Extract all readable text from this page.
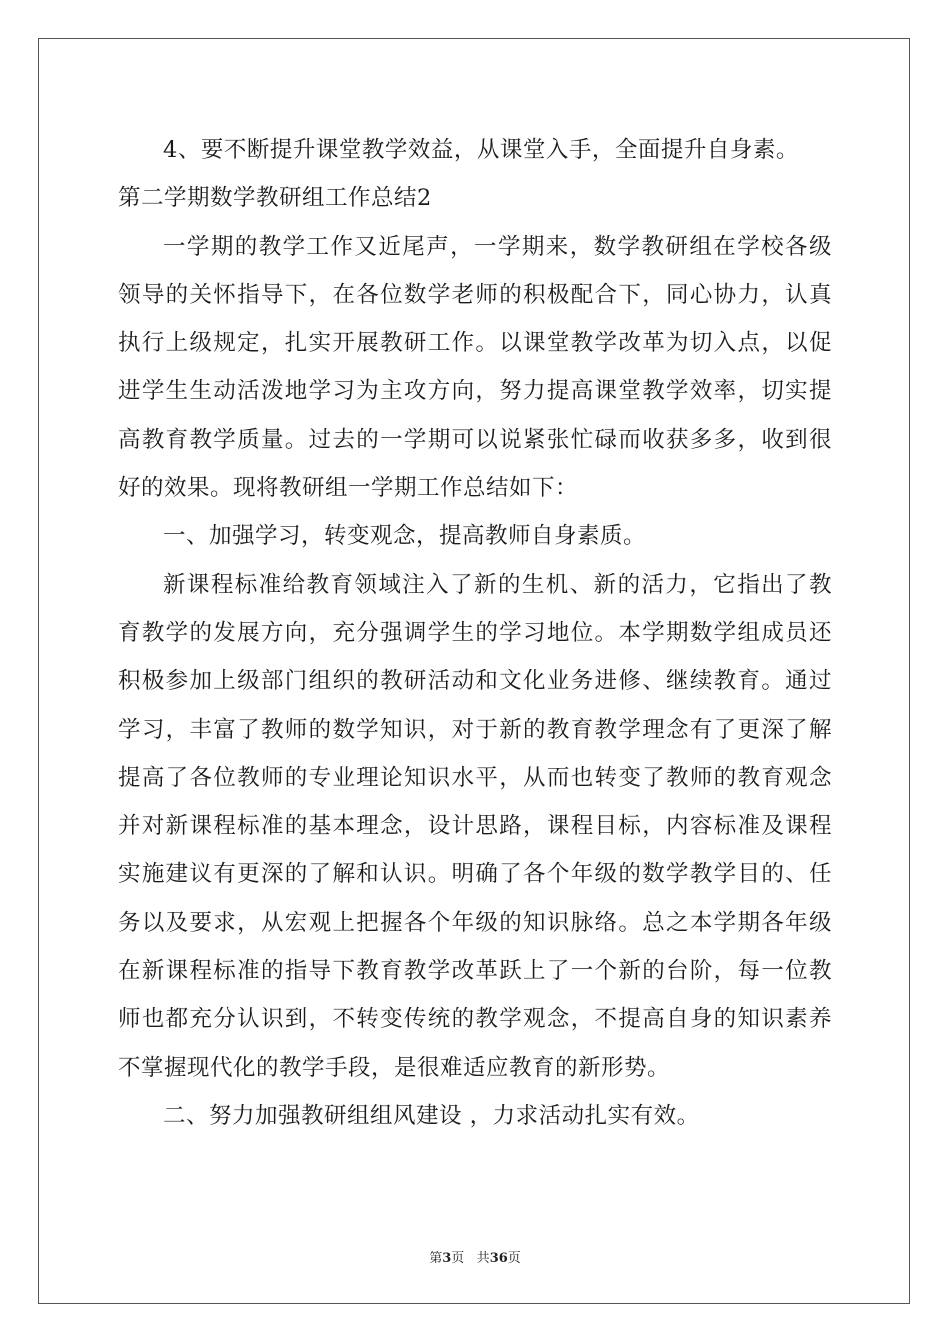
4、要不断提升课堂教学效益，从课堂入手，全面提升自身素。
第二学期数学教研组工作总结2
一学期的教学工作又近尾声，一学期来，数学教研组在学校各级
领导的关怀指导下，在各位数学老师的积极配合下，同心协力，认真
执行上级规定，扎实开展教研工作。以课堂教学改革为切入点，以促
进学生生动活泼地学习为主攻方向，努力提高课堂教学效率，切实提
高教育教学质量。过去的一学期可以说紧张忙碌而收获多多，收到很
好的效果。现将教研组一学期工作总结如下：
一、加强学习，转变观念，提高教师自身素质。
新课程标准给教育领域注入了新的生机、新的活力，它指出了教
育教学的发展方向，充分强调学生的学习地位。本学期数学组成员还
积极参加上级部门组织的教研活动和文化业务进修、继续教育。通过
学习，丰富了教师的数学知识，对于新的教育教学理念有了更深了解
提高了各位教师的专业理论知识水平，从而也转变了教师的教育观念
并对新课程标准的基本理念，设计思路，课程目标，内容标准及课程
实施建议有更深的了解和认识。明确了各个年级的数学教学目的、任
务以及要求，从宏观上把握各个年级的知识脉络。总之本学期各年级
在新课程标准的指导下教育教学改革跃上了一个新的台阶，每一位教
师也都充分认识到，不转变传统的教学观念，不提高自身的知识素养
不掌握现代化的教学手段，是很难适应教育的新形势。
二、努力加强教研组组风建设 ，力求活动扎实有效。
第3页 共36页
